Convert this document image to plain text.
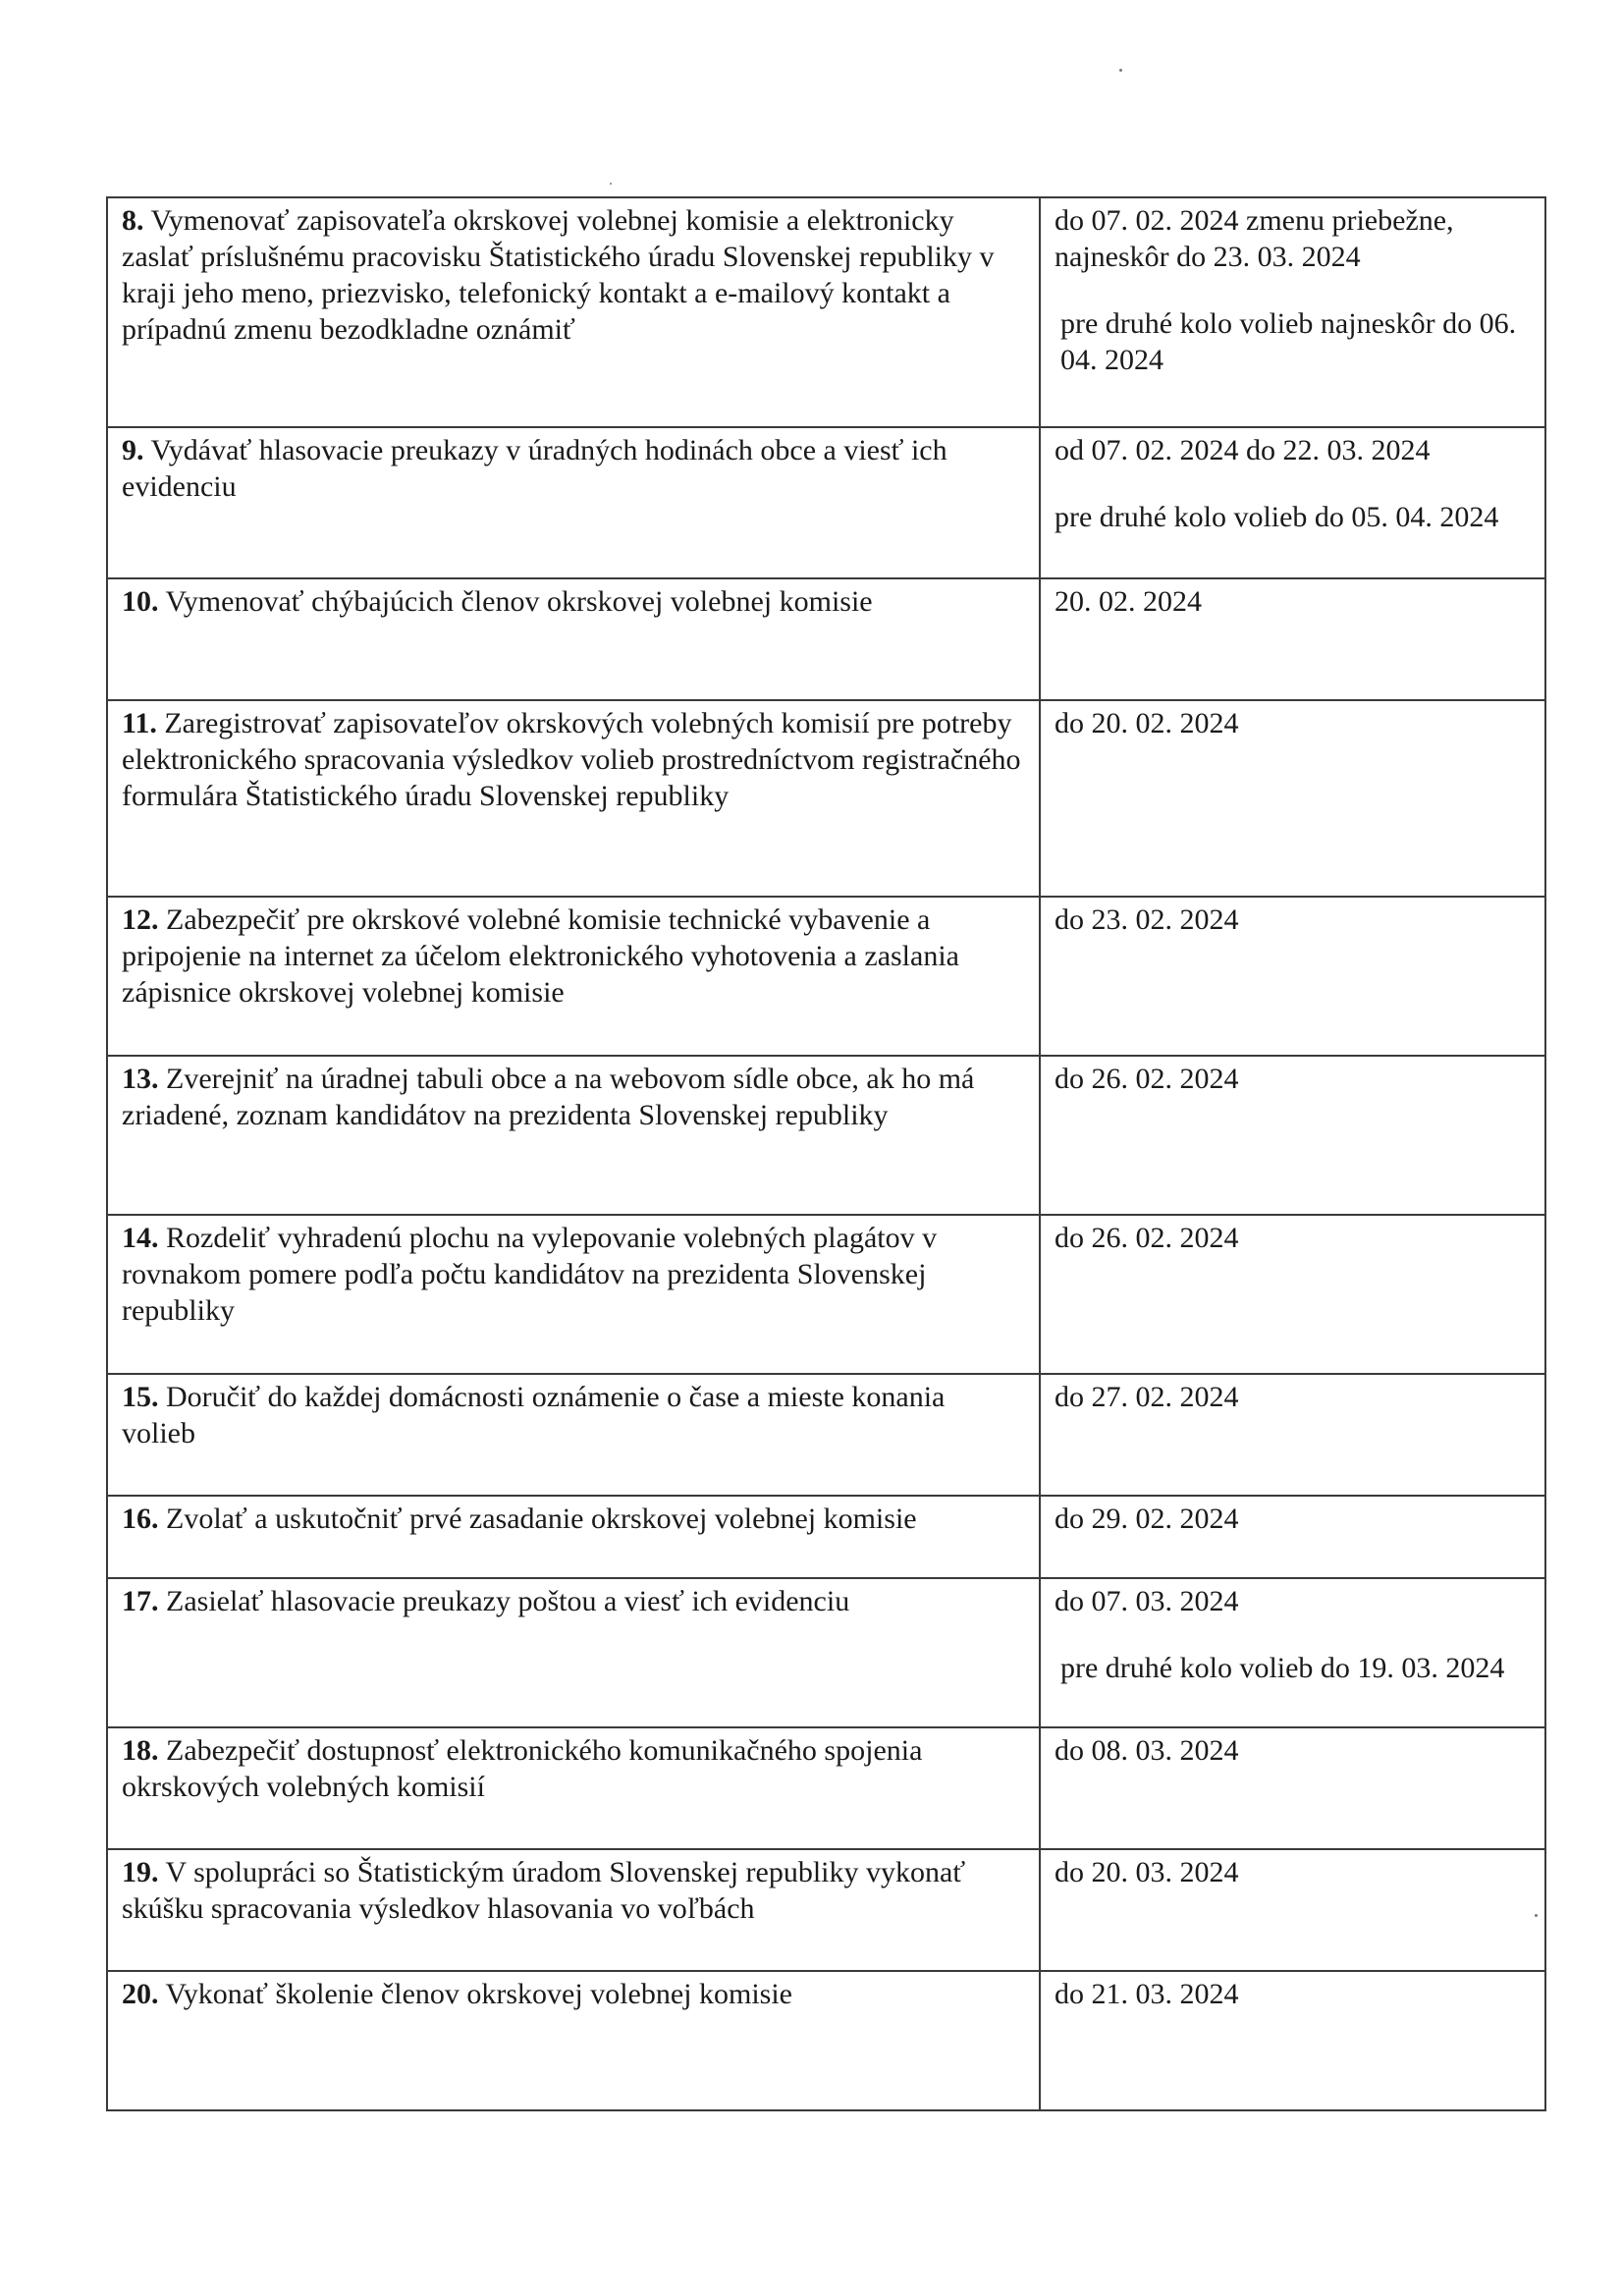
8. Vymenovať zapisovateľa okrskovej volebnej komisie a elektronicky zaslať príslušnému pracovisku Štatistického úradu Slovenskej republiky v kraji jeho meno, priezvisko, telefonický kontakt a e-mailový kontakt a prípadnú zmenu bezodkladne oznámiť	do 07. 02. 2024 zmenu priebežne, najneskôr do 23. 03. 2024
pre druhé kolo volieb najneskôr do 06. 04. 2024

9. Vydávať hlasovacie preukazy v úradných hodinách obce a viesť ich evidenciu	od 07. 02. 2024 do 22. 03. 2024
pre druhé kolo volieb do 05. 04. 2024
10. Vymenovať chýbajúcich členov okrskovej volebnej komisie	20. 02. 2024
11. Zaregistrovať zapisovateľov okrskových volebných komisií pre potreby elektronického spracovania výsledkov volieb prostredníctvom registračného formulára Štatistického úradu Slovenskej republiky	do 20. 02. 2024
12. Zabezpečiť pre okrskové volebné komisie technické vybavenie a pripojenie na internet za účelom elektronického vyhotovenia a zaslania zápisnice okrskovej volebnej komisie	do 23. 02. 2024
13. Zverejniť na úradnej tabuli obce a na webovom sídle obce, ak ho má zriadené, zoznam kandidátov na prezidenta Slovenskej republiky	do 26. 02. 2024
14. Rozdeliť vyhradenú plochu na vylepovanie volebných plagátov v rovnakom pomere podľa počtu kandidátov na prezidenta Slovenskej republiky	do 26. 02. 2024
15. Doručiť do každej domácnosti oznámenie o čase a mieste konania volieb	do 27. 02. 2024
16. Zvolať a uskutočniť prvé zasadanie okrskovej volebnej komisie	do 29. 02. 2024
17. Zasielať hlasovacie preukazy poštou a viesť ich evidenciu	do 07. 03. 2024
pre druhé kolo volieb do 19. 03. 2024

18. Zabezpečiť dostupnosť elektronického komunikačného spojenia okrskových volebných komisií	do 08. 03. 2024
19. V spolupráci so Štatistickým úradom Slovenskej republiky vykonať skúšku spracovania výsledkov hlasovania vo voľbách	do 20. 03. 2024
20. Vykonať školenie členov okrskovej volebnej komisie	do 21. 03. 2024
